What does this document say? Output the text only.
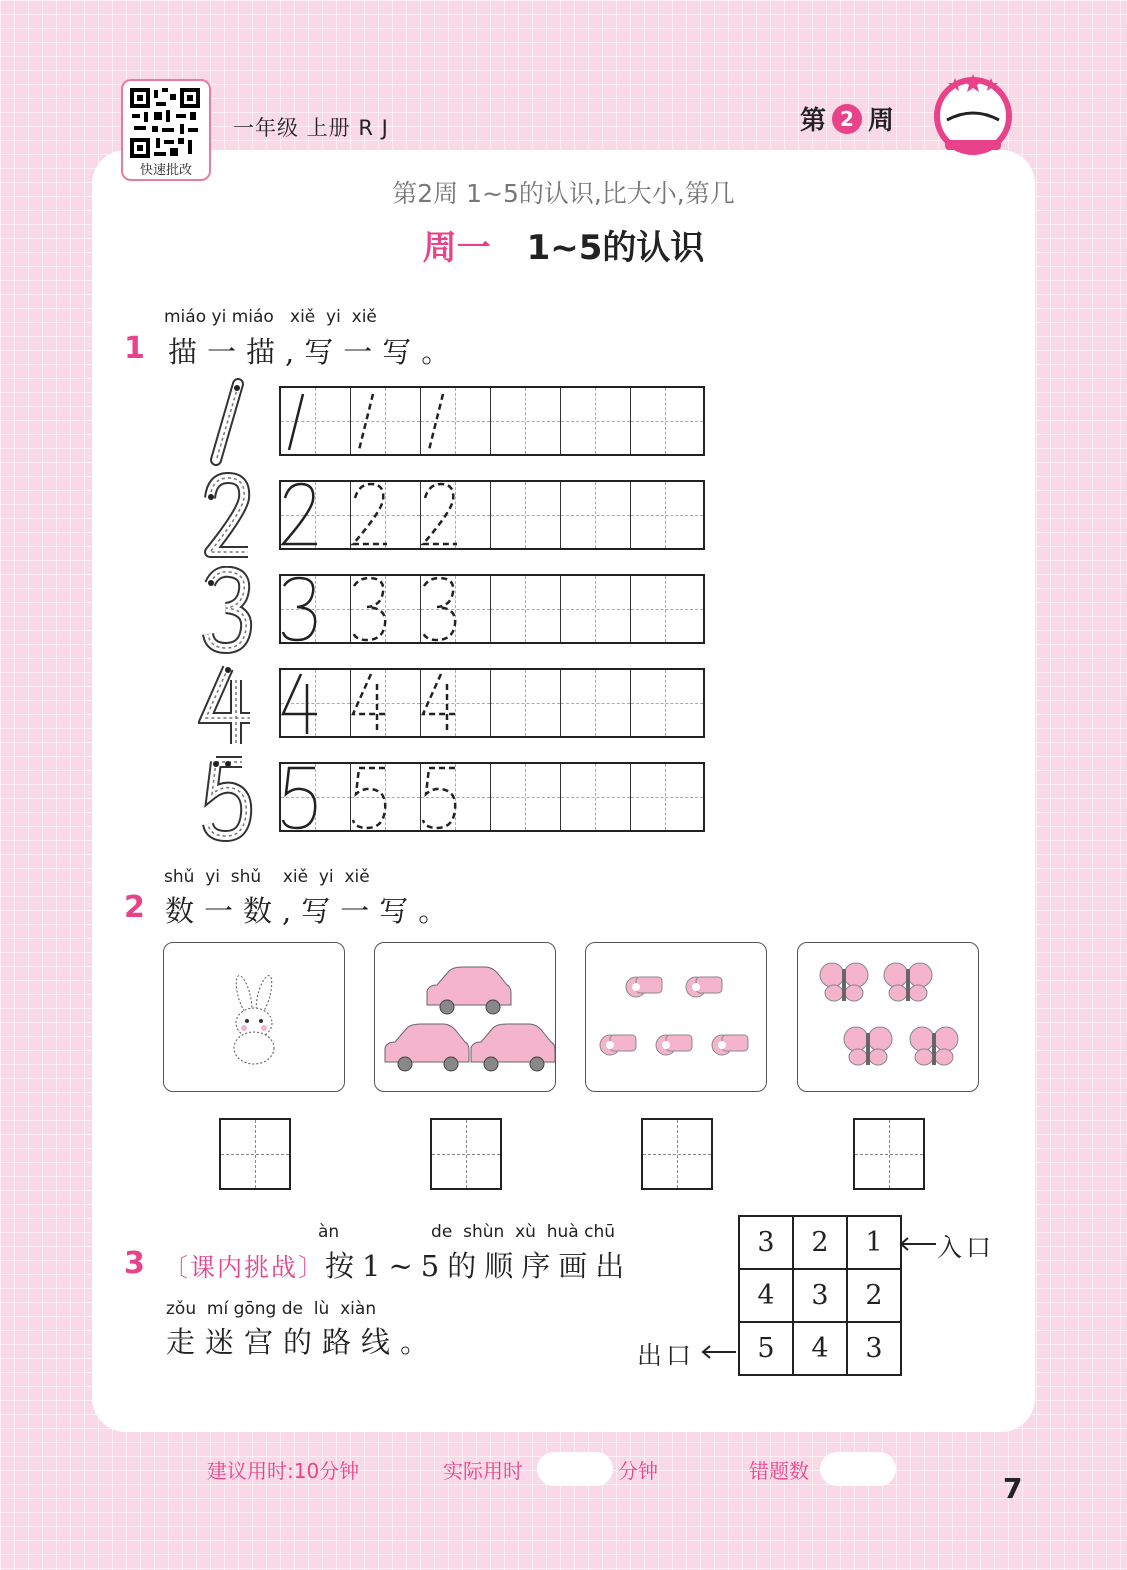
快速批改
一年级 上册 R J	第 2 周
第2周 1~5的认识,比大小,第几
周一 1~5的认识
miáo yi miáo   xiě  yi  xiě
1 描一描,写一写。
shǔ  yi  shǔ    xiě  yi  xiě
2 数一数,写一写。
àn                 de  shùn  xù  huà chū
3 〔课内挑战〕按1~5的顺序画出
zǒu  mí gōng de  lù  xiàn
走迷宫的路线。
3	2	1
4	3	2
5	4	3
入口
出口
建议用时:10分钟	实际用时	分钟	错题数
7
